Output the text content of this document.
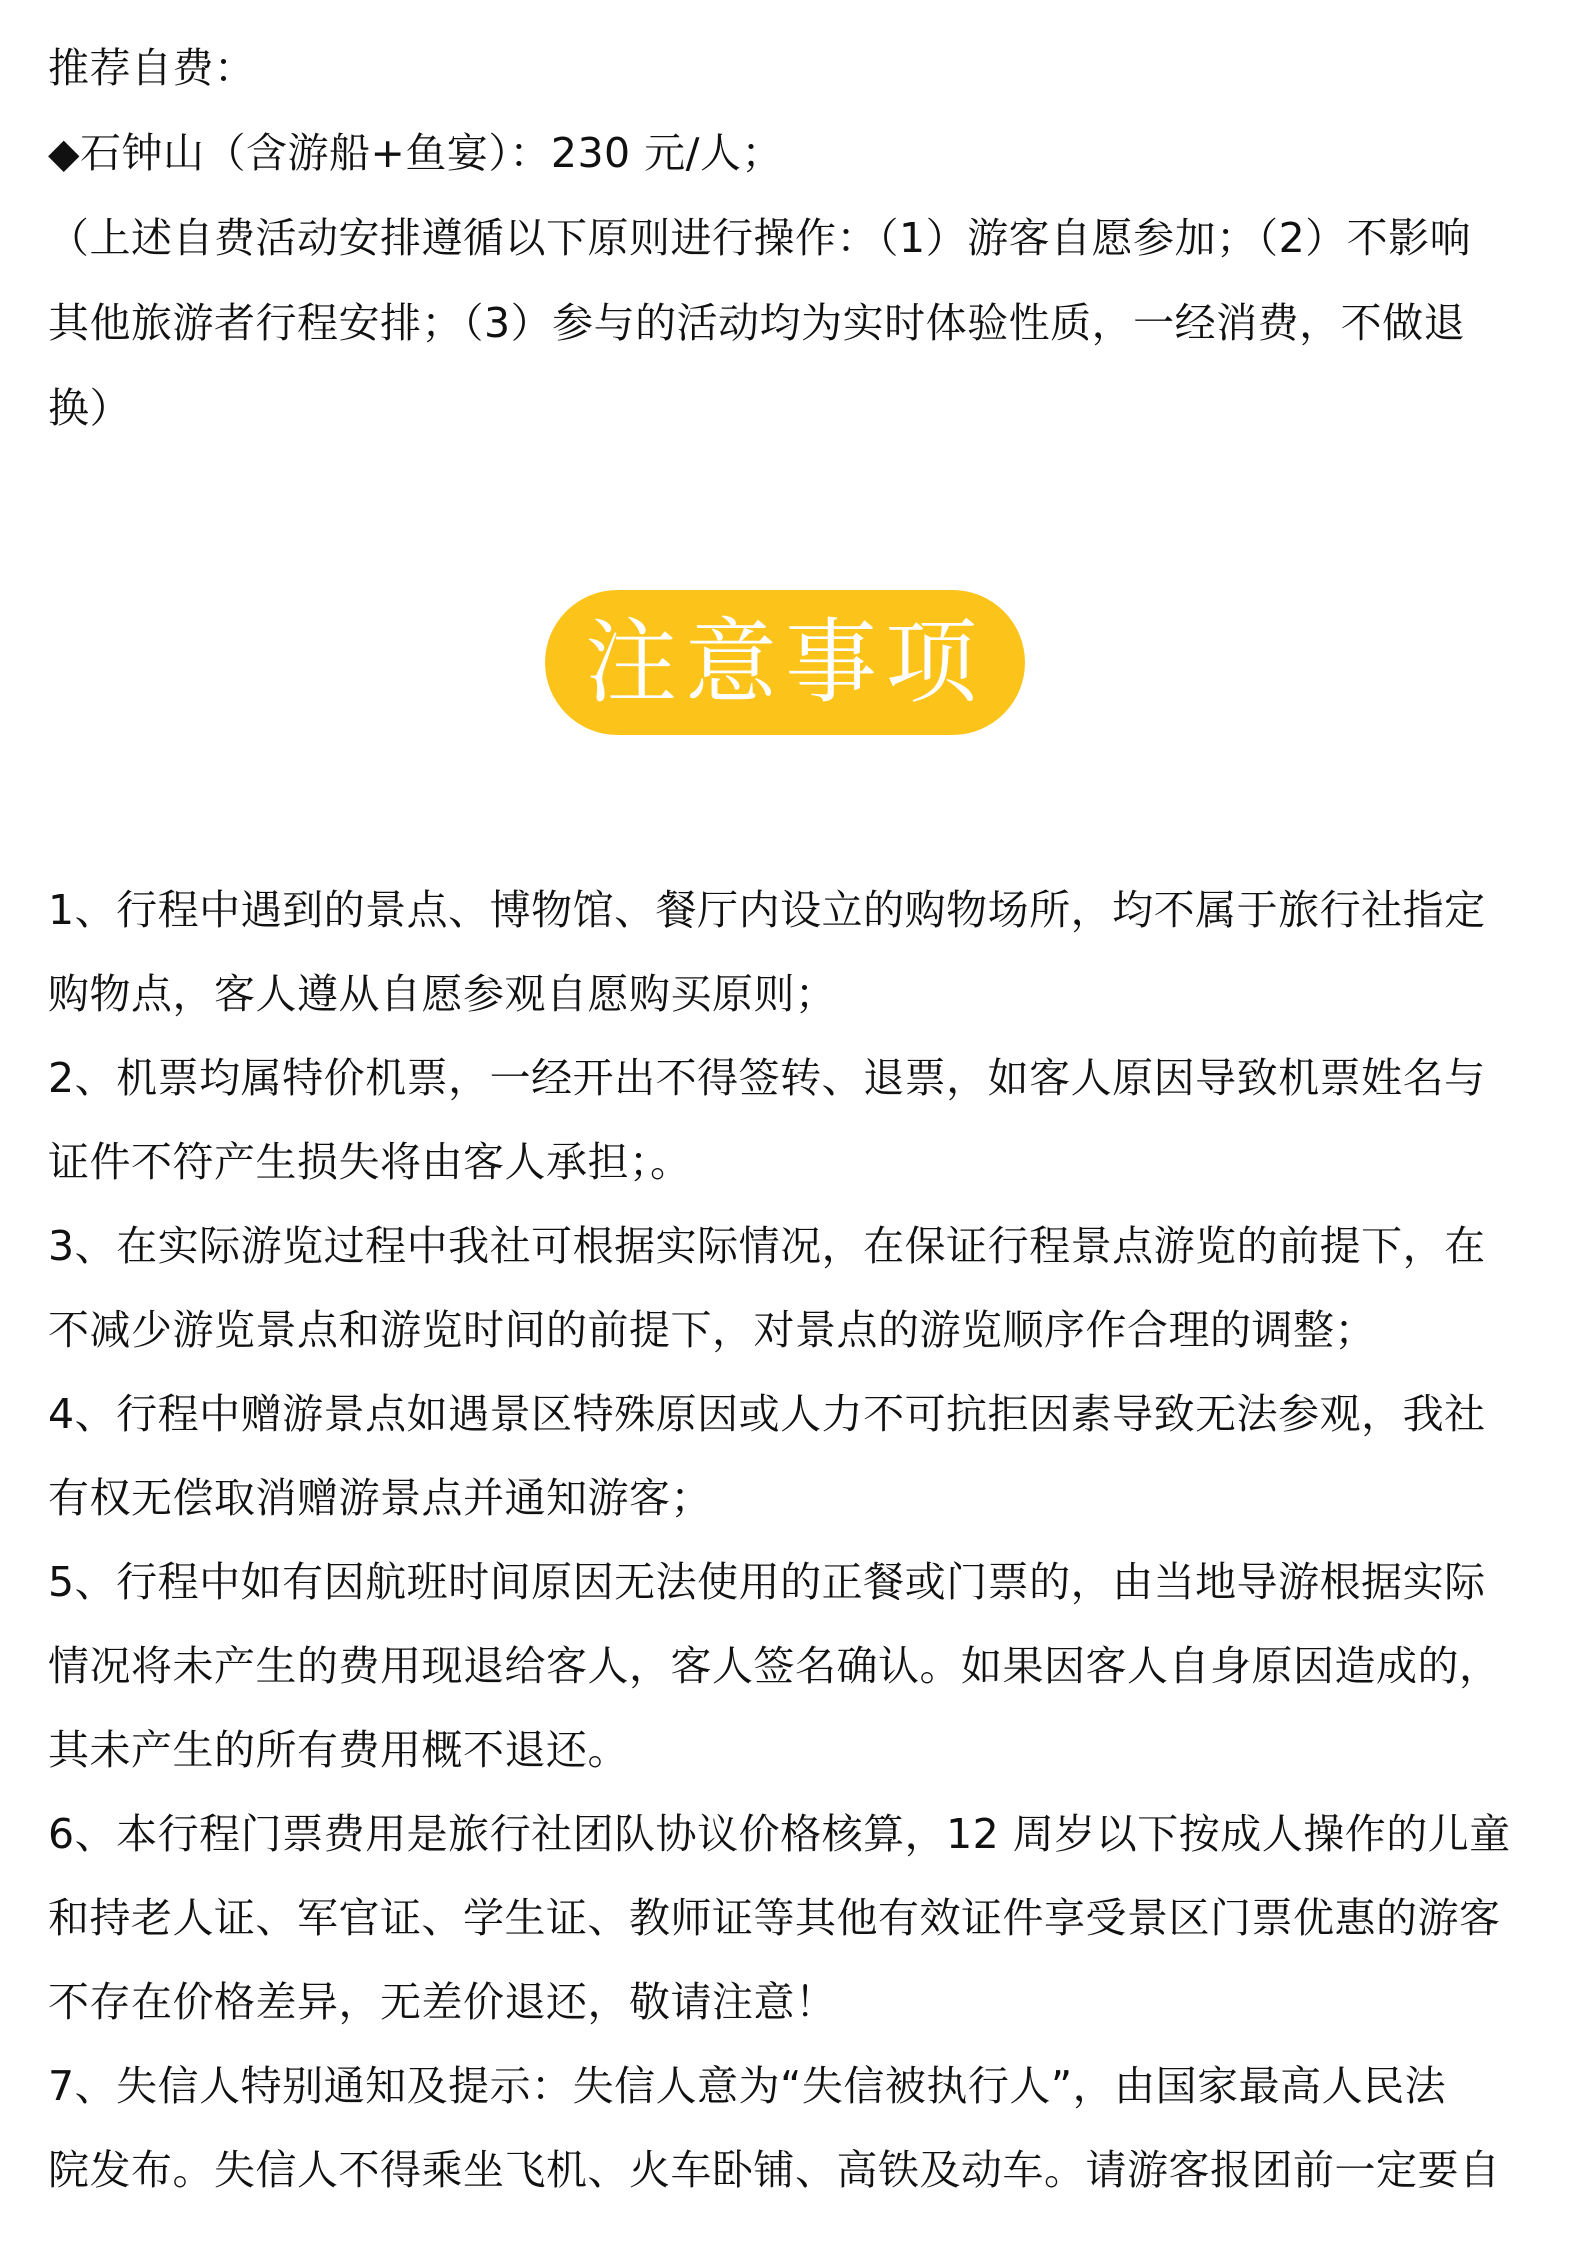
推荐自费：
◆石钟山（含游船+鱼宴）：230 元/人；
（上述自费活动安排遵循以下原则进行操作：（1）游客自愿参加；（2）不影响
其他旅游者行程安排；（3）参与的活动均为实时体验性质，一经消费，不做退
换）
注意事项
1、行程中遇到的景点、博物馆、餐厅内设立的购物场所，均不属于旅行社指定
购物点，客人遵从自愿参观自愿购买原则；
2、机票均属特价机票，一经开出不得签转、退票，如客人原因导致机票姓名与
证件不符产生损失将由客人承担；。
3、在实际游览过程中我社可根据实际情况，在保证行程景点游览的前提下，在
不减少游览景点和游览时间的前提下，对景点的游览顺序作合理的调整；
4、行程中赠游景点如遇景区特殊原因或人力不可抗拒因素导致无法参观，我社
有权无偿取消赠游景点并通知游客；
5、行程中如有因航班时间原因无法使用的正餐或门票的，由当地导游根据实际
情况将未产生的费用现退给客人，客人签名确认。如果因客人自身原因造成的，
其未产生的所有费用概不退还。
6、本行程门票费用是旅行社团队协议价格核算，12 周岁以下按成人操作的儿童
和持老人证、军官证、学生证、教师证等其他有效证件享受景区门票优惠的游客
不存在价格差异，无差价退还，敬请注意！
7、失信人特别通知及提示：失信人意为“失信被执行人”，由国家最高人民法
院发布。失信人不得乘坐飞机、火车卧铺、高铁及动车。请游客报团前一定要自
